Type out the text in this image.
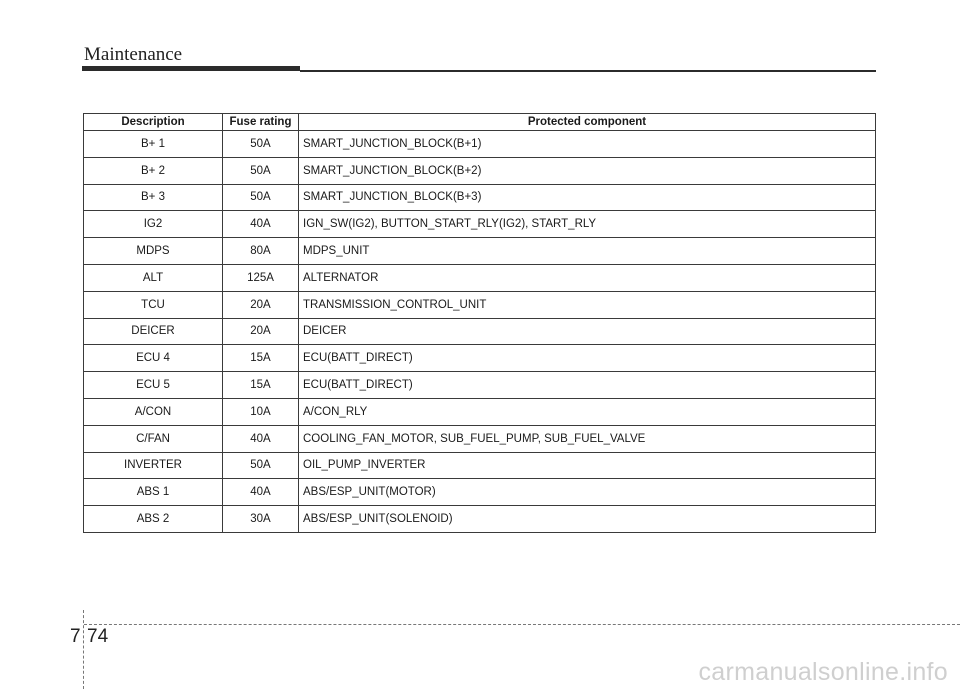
Maintenance
Description	Fuse rating	Protected component
B+ 1	50A	SMART_JUNCTION_BLOCK(B+1)
B+ 2	50A	SMART_JUNCTION_BLOCK(B+2)
B+ 3	50A	SMART_JUNCTION_BLOCK(B+3)
IG2	40A	IGN_SW(IG2), BUTTON_START_RLY(IG2), START_RLY
MDPS	80A	MDPS_UNIT
ALT	125A	ALTERNATOR
TCU	20A	TRANSMISSION_CONTROL_UNIT
DEICER	20A	DEICER
ECU 4	15A	ECU(BATT_DIRECT)
ECU 5	15A	ECU(BATT_DIRECT)
A/CON	10A	A/CON_RLY
C/FAN	40A	COOLING_FAN_MOTOR, SUB_FUEL_PUMP, SUB_FUEL_VALVE
INVERTER	50A	OIL_PUMP_INVERTER
ABS 1	40A	ABS/ESP_UNIT(MOTOR)
ABS 2	30A	ABS/ESP_UNIT(SOLENOID)
7 74
carmanualsonline.info
